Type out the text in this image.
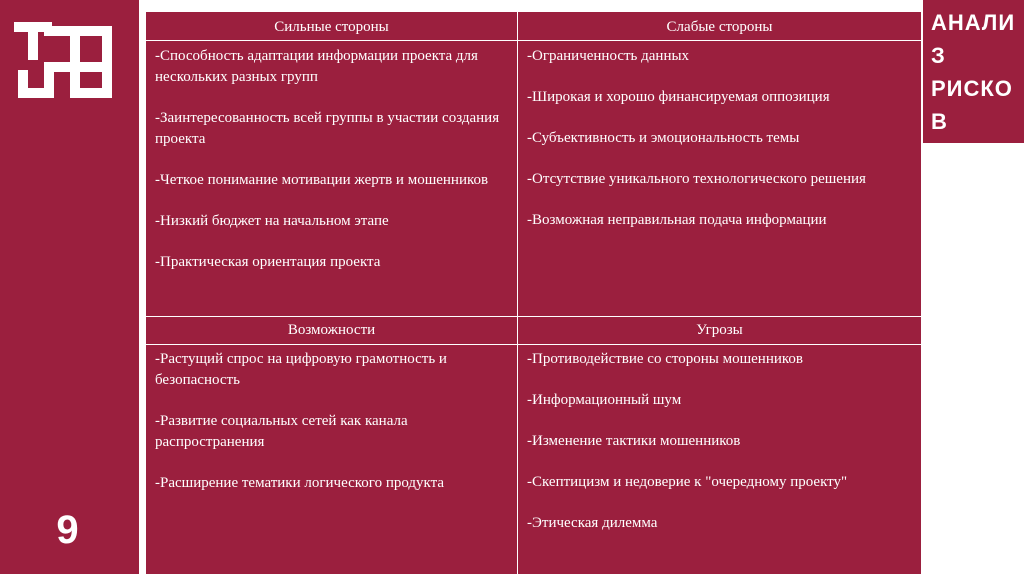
9
АНАЛИЗ РИСКОВ
Сильные стороны	Слабые стороны

-Способность адаптации информации проекта для нескольких разных групп

-Заинтересованность всей группы в участии создания проекта

-Четкое понимание мотивации жертв и мошенников

-Низкий бюджет на начальном этапе

-Практическая ориентация проекта

-Ограниченность данных

-Широкая и хорошо финансируемая оппозиция

-Субъективность и эмоциональность темы

-Отсутствие уникального технологического решения

-Возможная неправильная подача информации

Возможности	Угрозы

-Растущий спрос на цифровую грамотность и безопасность

-Развитие социальных сетей как канала распространения

-Расширение тематики логического продукта

-Противодействие со стороны мошенников

-Информационный шум

-Изменение тактики мошенников

-Скептицизм и недоверие к "очередному проекту"

-Этическая дилемма
